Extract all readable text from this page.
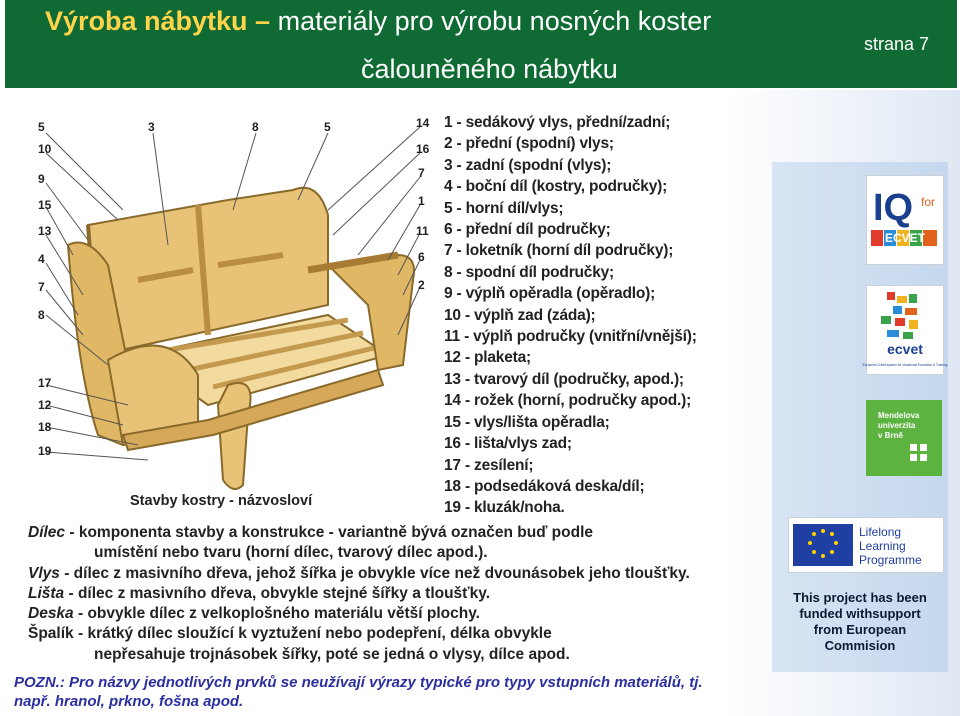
Výroba nábytku – materiály pro výrobu nosných koster
čalouněného nábytku
strana 7
IQ for
ECVET
ecvet
European Credit system for Vocational Education & Training
Mendelova
univerzita
v Brně
Lifelong
Learning
Programme
This project has been
funded withsupport
from European
Commision
5
10
9
15
13
4
7
8
17
12
18
19
3	8	5	14
16
7
1
11
6
2
1 - sedákový vlys, přední/zadní;
2 - přední (spodní) vlys;
3 - zadní (spodní (vlys);
4 - boční díl (kostry, područky);
5 - horní díl/vlys;
6 - přední díl područky;
7 - loketník (horní díl područky);
8 - spodní díl područky;
9 - výplň opěradla (opěradlo);
10 - výplň zad (záda);
11 - výplň područky (vnitřní/vnější);
12 - plaketa;
13 - tvarový díl (područky, apod.);
14 - rožek (horní, područky apod.);
15 - vlys/lišta opěradla;
16 - lišta/vlys zad;
17 - zesílení;
18 - podsedáková deska/díl;
19 - kluzák/noha.
Stavby kostry - názvosloví
Dílec - komponenta stavby a konstrukce - variantně bývá označen buď podle
umístění nebo tvaru (horní dílec, tvarový dílec apod.).
Vlys - dílec z masivního dřeva, jehož šířka je obvykle více než dvounásobek jeho tloušťky.
Lišta - dílec z masivního dřeva, obvykle stejné šířky a tloušťky.
Deska - obvykle dílec z velkoplošného materiálu větší plochy.
Špalík - krátký dílec sloužící k vyztužení nebo podepření, délka obvykle
nepřesahuje trojnásobek šířky, poté se jedná o vlysy, dílce apod.
POZN.: Pro názvy jednotlivých prvků se neužívají výrazy typické pro typy vstupních materiálů, tj. např. hranol, prkno, fošna apod.
